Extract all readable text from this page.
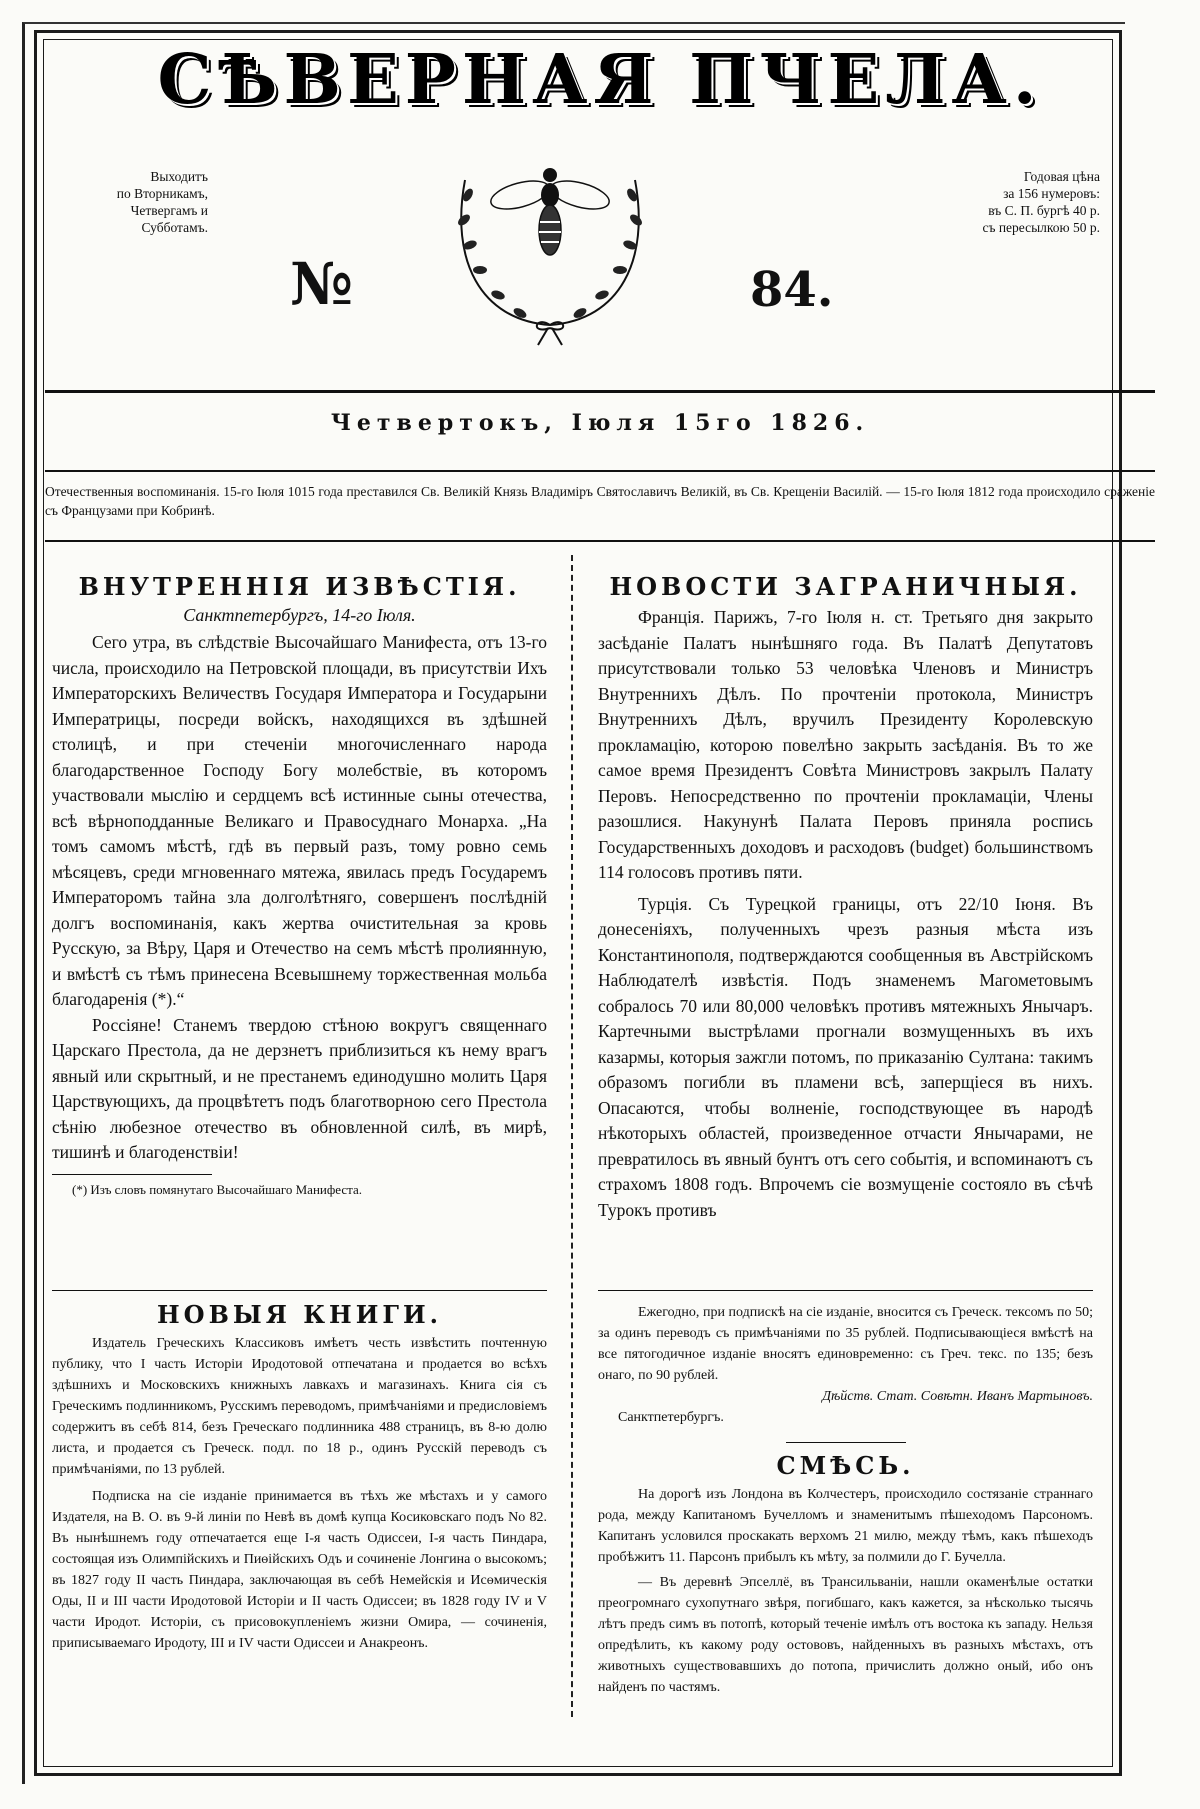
СѢВЕРНАЯ ПЧЕЛА.
Выходитъ
по Вторникамъ,
Четвергамъ и
Субботамъ.
Годовая цѣна
за 156 нумеровъ:
въ С. П. бургѣ 40 р.
съ пересылкою 50 р.
№	84.
Четвертокъ, Іюля 15го 1826.
Отечественныя воспоминанія. 15-го Іюля 1015 года преставился Св. Великій Князь Владиміръ Святославичъ Великій, въ Св. Крещеніи Василій. — 15-го Іюля 1812 года происходило сраженіе съ Французами при Кобринѣ.
ВНУТРЕННІЯ ИЗВѢСТІЯ.
Санктпетербургъ, 14-го Іюля.

Сего утра, въ слѣдствіе Высочайшаго Манифеста, отъ 13-го числа, происходило на Петровской площади, въ присутствіи Ихъ Императорскихъ Величествъ Государя Императора и Государыни Императрицы, посреди войскъ, находящихся въ здѣшней столицѣ, и при стеченіи многочисленнаго народа благодарственное Господу Богу молебствіе, въ которомъ участвовали мыслію и сердцемъ всѣ истинные сыны отечества, всѣ вѣрноподданные Великаго и Правосуднаго Монарха. „На томъ самомъ мѣстѣ, гдѣ въ первый разъ, тому ровно семь мѣсяцевъ, среди мгновеннаго мятежа, явилась предъ Государемъ Императоромъ тайна зла долголѣтняго, совершенъ послѣдній долгъ воспоминанія, какъ жертва очистительная за кровь Русскую, за Вѣру, Царя и Отечество на семъ мѣстѣ пролиянную, и вмѣстѣ съ тѣмъ принесена Всевышнему торжественная мольба благодаренія (*).“

Россіяне! Станемъ твердою стѣною вокругъ священнаго Царскаго Престола, да не дерзнетъ приблизиться къ нему врагъ явный или скрытный, и не престанемъ единодушно молить Царя Царствующихъ, да процвѣтетъ подъ благотворною сего Престола сѣнію любезное отечество въ обновленной силѣ, въ мирѣ, тишинѣ и благоденствіи!

(*) Изъ словъ помянутаго Высочайшаго Манифеста.
НОВЫЯ КНИГИ.

Издатель Греческихъ Классиковъ имѣетъ честь извѣстить почтенную публику, что I часть Исторіи Иродотовой отпечатана и продается во всѣхъ здѣшнихъ и Московскихъ книжныхъ лавкахъ и магазинахъ. Книга сія съ Греческимъ подлинникомъ, Русскимъ переводомъ, примѣчаніями и предисловіемъ содержитъ въ себѣ 814, безъ Греческаго подлинника 488 страницъ, въ 8-ю долю листа, и продается съ Греческ. подл. по 18 р., одинъ Русскій переводъ съ примѣчаніями, по 13 рублей.

Подписка на сіе изданіе принимается въ тѣхъ же мѣстахъ и у самого Издателя, на В. О. въ 9-й линіи по Невѣ въ домѣ купца Косиковскаго подъ No 82. Въ нынѣшнемъ году отпечатается еще I-я часть Одиссеи, I-я часть Пиндара, состоящая изъ Олимпійскихъ и Пиѳійскихъ Одъ и сочиненіе Лонгина о высокомъ; въ 1827 году II часть Пиндара, заключающая въ себѣ Немейскія и Исѳмическія Оды, II и III части Иродотовой Исторіи и II часть Одиссеи; въ 1828 году IV и V части Иродот. Исторіи, съ присовокупленіемъ жизни Омира, — сочиненія, приписываемаго Иродоту, III и IV части Одиссеи и Анакреонъ.

НОВОСТИ ЗАГРАНИЧНЫЯ.

Франція. Парижъ, 7-го Іюля н. ст. Третьяго дня закрыто засѣданіе Палатъ нынѣшняго года. Въ Палатѣ Депутатовъ присутствовали только 53 человѣка Членовъ и Министръ Внутреннихъ Дѣлъ. По прочтеніи протокола, Министръ Внутреннихъ Дѣлъ, вручилъ Президенту Королевскую прокламацію, которою повелѣно закрыть засѣданія. Въ то же самое время Президентъ Совѣта Министровъ закрылъ Палату Перовъ. Непосредственно по прочтеніи прокламаціи, Члены разошлися. Накунунѣ Палата Перовъ приняла роспись Государственныхъ доходовъ и расходовъ (budget) большинствомъ 114 голосовъ противъ пяти.

Турція. Съ Турецкой границы, отъ 22/10 Іюня. Въ донесеніяхъ, полученныхъ чрезъ разныя мѣста изъ Константинополя, подтверждаются сообщенныя въ Австрійскомъ Наблюдателѣ извѣстія. Подъ знаменемъ Магометовымъ собралось 70 или 80,000 человѣкъ противъ мятежныхъ Янычаръ. Картечными выстрѣлами прогнали возмущенныхъ въ ихъ казармы, которыя зажгли потомъ, по приказанію Султана: такимъ образомъ погибли въ пламени всѣ, заперщіеся въ нихъ. Опасаются, чтобы волненіе, господствующее въ народѣ нѣкоторыхъ областей, произведенное отчасти Янычарами, не превратилось въ явный бунтъ отъ сего событія, и вспоминаютъ съ страхомъ 1808 годъ. Впрочемъ сіе возмущеніе состояло въ сѣчѣ Турокъ противъ

Ежегодно, при подпискѣ на сіе изданіе, вносится съ Греческ. тексомъ по 50; за одинъ переводъ съ примѣчаніями по 35 рублей. Подписывающіеся вмѣстѣ на все пятогодичное изданіе вносятъ единовременно: съ Греч. текс. по 135; безъ онаго, по 90 рублей.

Дѣйств. Стат. Совѣтн. Иванъ Мартыновъ.
Санктпетербургъ.
СМѢСЬ.

На дорогѣ изъ Лондона въ Колчестеръ, происходило состязаніе страннаго рода, между Капитаномъ Бучелломъ и знаменитымъ пѣшеходомъ Парсономъ. Капитанъ условился проскакать верхомъ 21 милю, между тѣмъ, какъ пѣшеходъ пробѣжитъ 11. Парсонъ прибылъ къ мѣту, за полмили до Г. Бучелла.

— Въ деревнѣ Эпселлё, въ Трансильваніи, нашли окаменѣлые остатки преогромнаго сухопутнаго звѣря, погибшаго, какъ кажется, за нѣсколько тысячь лѣтъ предъ симъ въ потопѣ, который теченіе имѣлъ отъ востока къ западу. Нельзя опредѣлить, къ какому роду остововъ, найденныхъ въ разныхъ мѣстахъ, отъ животныхъ существовавшихъ до потопа, причислить должно оный, ибо онъ найденъ по частямъ.
